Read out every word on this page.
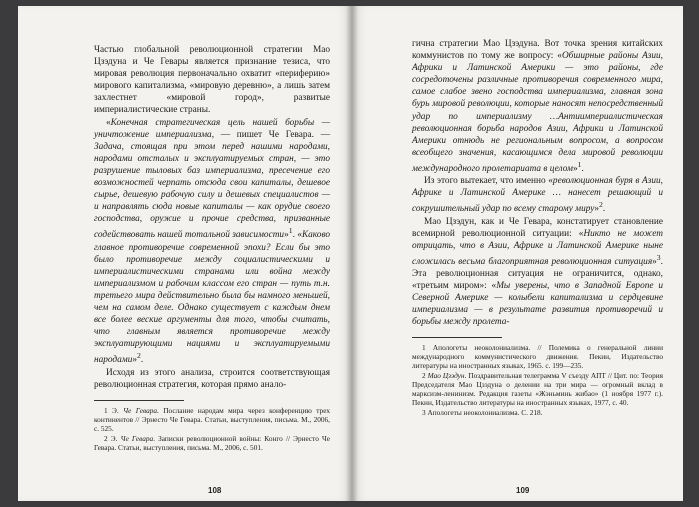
Частью глобальной революционной стратегии Мао Цзэдуна и Че Гевары является признание тезиса, что мировая революция первоначально охватит «периферию» мирового капитализма, «мировую деревню», а лишь затем захлестнет «мировой город», развитые империалистические страны.

«Конечная стратегическая цель нашей борьбы — уничтожение империализма, — пишет Че Гевара. — Задача, стоящая при этом перед нашими народами, народами отсталых и эксплуатируемых стран, — это разрушение тыловых баз империализма, пресечение его возможностей черпать отсюда свои капиталы, дешевое сырье, дешевую рабочую силу и дешевых специалистов — и направлять сюда новые капиталы — как орудие своего господства, оружие и прочие средства, призванные содействовать нашей тотальной зависимости»$^1$. «Каково главное противоречие современной эпохи? Если бы это было противоречие между социалистическими и империалистическими странами или война между империализмом и рабочим классом его стран — путь т.н. третьего мира действительно была бы намного меньшей, чем на самом деле. Однако существует с каждым днем все более веские аргументы для того, чтобы считать, что главным является противоречие между эксплуатирующими нациями и эксплуатируемыми народами»$^2$.

Исходя из этого анализа, строится соответствующая революционная стратегия, которая прямо анало-

1 Э. Че Гевара. Послание народам мира через конференцию трех континентов // Эрнесто Че Гевара. Статьи, выступления, письма. М., 2006, с. 525.

2 Э. Че Гевара. Записки революционной войны: Конго // Эрнесто Че Гевара. Статьи, выступления, письма. М., 2006, с. 501.

108

гична стратегии Мао Цзэдуна. Вот точка зрения китайских коммунистов по тому же вопросу: «Обширные районы Азии, Африки и Латинской Америки — это районы, где сосредоточены различные противоречия современного мира, самое слабое звено господства империализма, главная зона бурь мировой революции, которые наносят непосредственный удар по империализму …Антиимпериалистическая революционная борьба народов Азии, Африки и Латинской Америки отнюдь не региональным вопросом, а вопросом всеобщего значения, касающимся дела мировой революции международного пролетариата в целом»$^1$.

Из этого вытекает, что именно «революционная буря в Азии, Африке и Латинской Америке … нанесет решающий и сокрушительный удар по всему старому миру»$^2$.

Мао Цзэдун, как и Че Гевара, констатирует становление всемирной революционной ситуации: «Никто не может отрицать, что в Азии, Африке и Латинской Америке ныне сложилась весьма благоприятная революционная ситуация»$^3$. Эта революционная ситуация не ограничится, однако, «третьим миром»: «Мы уверены, что в Западной Европе и Северной Америке — колыбели капитализма и сердцевине империализма — в результате развития противоречий и борьбы между пролета-

1 Апологеты неоколониализма. // Полемика о генеральной линии международного коммунистического движения. Пекин, Издательство литературы на иностранных языках, 1965. с. 199—235.

2 Мао Цзэдун. Поздравительная телеграмма V съезду АПТ // Цит. по: Теория Председателя Мао Цзэдуна о делении на три мира — огромный вклад в марксизм-ленинизм. Редакция газеты «Жэньминь жибао» (1 ноября 1977 г.). Пекин, Издательство литературы на иностранных языках, 1977, с. 40.

3 Апологеты неоколониализма. С. 218.

109
